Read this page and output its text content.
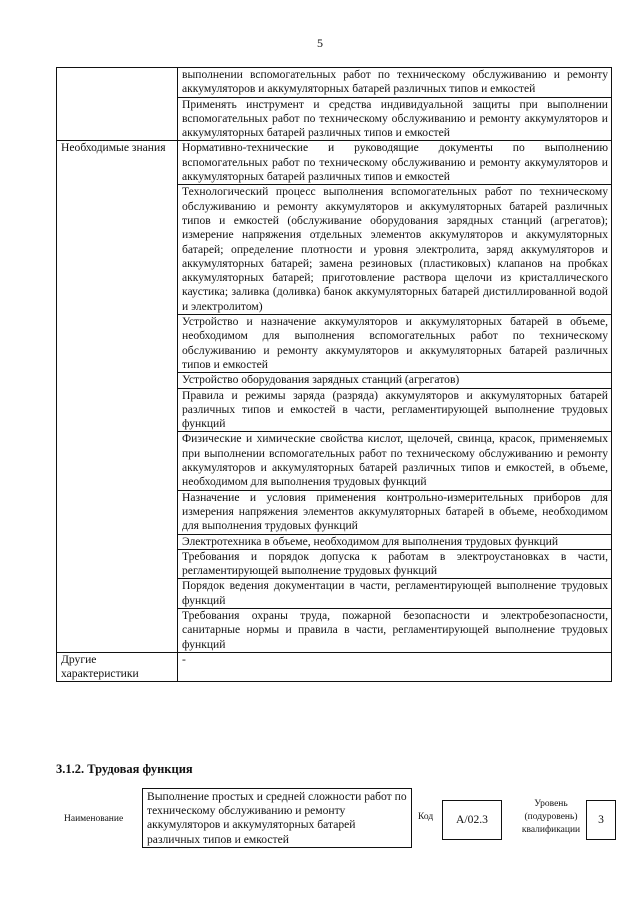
5
	выполнении вспомогательных работ по техническому обслуживанию и ремонту аккумуляторов и аккумуляторных батарей различных типов и емкостей
	Применять инструмент и средства индивидуальной защиты при выполнении вспомогательных работ по техническому обслуживанию и ремонту аккумуляторов и аккумуляторных батарей различных типов и емкостей
Необходимые знания	Нормативно-технические и руководящие документы по выполнению вспомогательных работ по техническому обслуживанию и ремонту аккумуляторов и аккумуляторных батарей различных типов и емкостей
	Технологический процесс выполнения вспомогательных работ по техническому обслуживанию и ремонту аккумуляторов и аккумуляторных батарей различных типов и емкостей (обслуживание оборудования зарядных станций (агрегатов); измерение напряжения отдельных элементов аккумуляторов и аккумуляторных батарей; определение плотности и уровня электролита, заряд аккумуляторов и аккумуляторных батарей; замена резиновых (пластиковых) клапанов на пробках аккумуляторных батарей; приготовление раствора щелочи из кристаллического каустика; заливка (доливка) банок аккумуляторных батарей дистиллированной водой и электролитом)
	Устройство и назначение аккумуляторов и аккумуляторных батарей в объеме, необходимом для выполнения вспомогательных работ по техническому обслуживанию и ремонту аккумуляторов и аккумуляторных батарей различных типов и емкостей
	Устройство оборудования зарядных станций (агрегатов)
	Правила и режимы заряда (разряда) аккумуляторов и аккумуляторных батарей различных типов и емкостей в части, регламентирующей выполнение трудовых функций
	Физические и химические свойства кислот, щелочей, свинца, красок, применяемых при выполнении вспомогательных работ по техническому обслуживанию и ремонту аккумуляторов и аккумуляторных батарей различных типов и емкостей, в объеме, необходимом для выполнения трудовых функций
	Назначение и условия применения контрольно-измерительных приборов для измерения напряжения элементов аккумуляторных батарей в объеме, необходимом для выполнения трудовых функций
	Электротехника в объеме, необходимом для выполнения трудовых функций
	Требования и порядок допуска к работам в электроустановках в части, регламентирующей выполнение трудовых функций
	Порядок ведения документации в части, регламентирующей выполнение трудовых функций
	Требования охраны труда, пожарной безопасности и электробезопасности, санитарные нормы и правила в части, регламентирующей выполнение трудовых функций
Другие характеристики	-
3.1.2. Трудовая функция
Наименование
Выполнение простых и средней сложности работ по техническому обслуживанию и ремонту аккумуляторов и аккумуляторных батарей различных типов и емкостей
Код	A/02.3
Уровень (подуровень) квалификации
3
